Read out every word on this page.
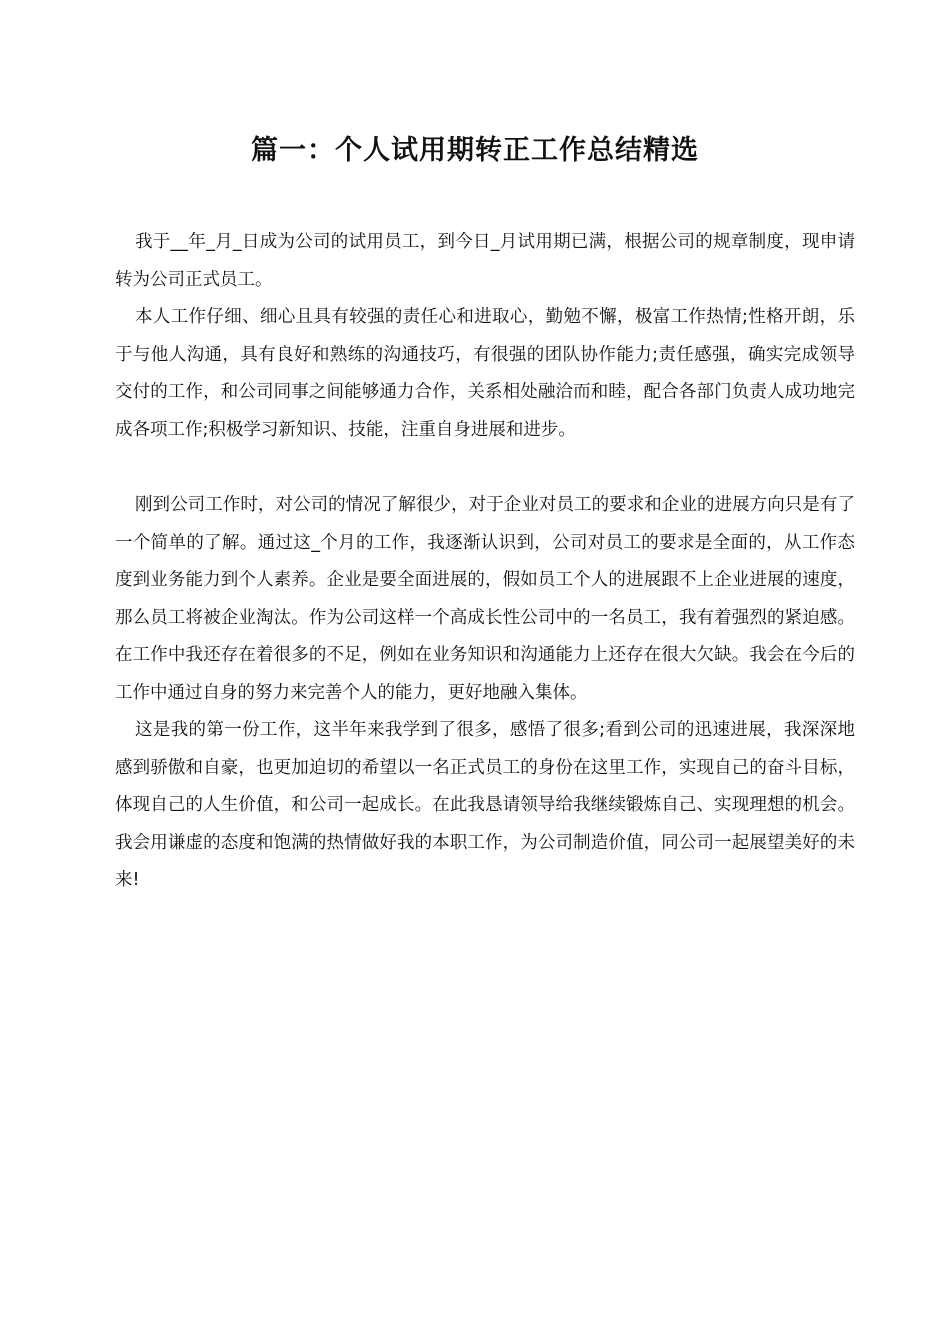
篇一：个人试用期转正工作总结精选

我于__年_月_日成为公司的试用员工，到今日_月试用期已满，根据公司的规章制度，现申请转为公司正式员工。

本人工作仔细、细心且具有较强的责任心和进取心，勤勉不懈，极富工作热情;性格开朗，乐于与他人沟通，具有良好和熟练的沟通技巧，有很强的团队协作能力;责任感强，确实完成领导交付的工作，和公司同事之间能够通力合作，关系相处融洽而和睦，配合各部门负责人成功地完成各项工作;积极学习新知识、技能，注重自身进展和进步。

刚到公司工作时，对公司的情况了解很少，对于企业对员工的要求和企业的进展方向只是有了一个简单的了解。通过这_个月的工作，我逐渐认识到，公司对员工的要求是全面的，从工作态度到业务能力到个人素养。企业是要全面进展的，假如员工个人的进展跟不上企业进展的速度，那么员工将被企业淘汰。作为公司这样一个高成长性公司中的一名员工，我有着强烈的紧迫感。在工作中我还存在着很多的不足，例如在业务知识和沟通能力上还存在很大欠缺。我会在今后的工作中通过自身的努力来完善个人的能力，更好地融入集体。

这是我的第一份工作，这半年来我学到了很多，感悟了很多;看到公司的迅速进展，我深深地感到骄傲和自豪，也更加迫切的希望以一名正式员工的身份在这里工作，实现自己的奋斗目标，体现自己的人生价值，和公司一起成长。在此我恳请领导给我继续锻炼自己、实现理想的机会。我会用谦虚的态度和饱满的热情做好我的本职工作，为公司制造价值，同公司一起展望美好的未来!
